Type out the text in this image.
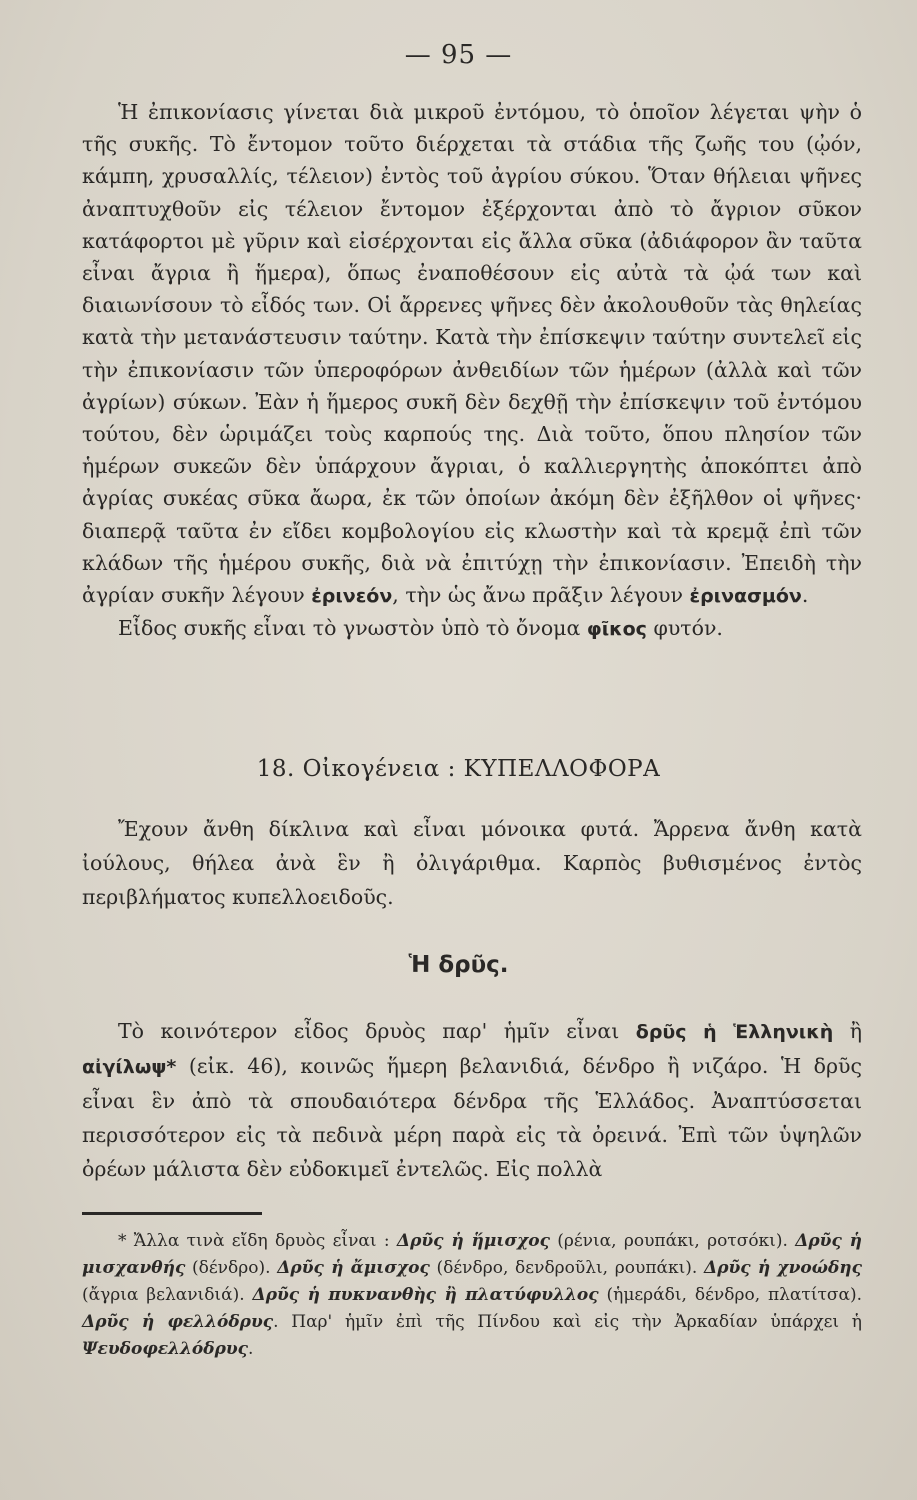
— 95 —

Ἡ ἐπικονίασις γίνεται διὰ μικροῦ ἐντόμου, τὸ ὁποῖον λέγεται ψὴν ὁ τῆς συκῆς. Τὸ ἔντομον τοῦτο διέρχεται τὰ στάδια τῆς ζωῆς του (ᾠόν, κάμπη, χρυσαλλίς, τέλειον) ἐντὸς τοῦ ἀγρίου σύκου. Ὅταν θήλειαι ψῆνες ἀναπτυχθοῦν εἰς τέλειον ἔντομον ἐξέρχονται ἀπὸ τὸ ἄγριον σῦκον κατάφορτοι μὲ γῦριν καὶ εἰσέρχονται εἰς ἄλλα σῦκα (ἀδιάφορον ἂν ταῦτα εἶναι ἄγρια ἢ ἥμερα), ὅπως ἐναποθέσουν εἰς αὐτὰ τὰ ᾠά των καὶ διαιωνίσουν τὸ εἶδός των. Οἱ ἄρρενες ψῆνες δὲν ἀκολουθοῦν τὰς θηλείας κατὰ τὴν μετανάστευσιν ταύτην. Κατὰ τὴν ἐπίσκεψιν ταύτην συντελεῖ εἰς τὴν ἐπικονίασιν τῶν ὑπεροφόρων ἀνθειδίων τῶν ἡμέρων (ἀλλὰ καὶ τῶν ἀγρίων) σύκων. Ἐὰν ἡ ἥμερος συκῆ δὲν δεχθῇ τὴν ἐπίσκεψιν τοῦ ἐντόμου τούτου, δὲν ὡριμάζει τοὺς καρπούς της. Διὰ τοῦτο, ὅπου πλησίον τῶν ἡμέρων συκεῶν δὲν ὑπάρχουν ἄγριαι, ὁ καλλιεργητὴς ἀποκόπτει ἀπὸ ἀγρίας συκέας σῦκα ἄωρα, ἐκ τῶν ὁποίων ἀκόμη δὲν ἐξῆλθον οἱ ψῆνες· διαπερᾷ ταῦτα ἐν εἴδει κομβολογίου εἰς κλωστὴν καὶ τὰ κρεμᾷ ἐπὶ τῶν κλάδων τῆς ἡμέρου συκῆς, διὰ νὰ ἐπιτύχῃ τὴν ἐπικονίασιν. Ἐπειδὴ τὴν ἀγρίαν συκῆν λέγουν ἐρινεόν, τὴν ὡς ἄνω πρᾶξιν λέγουν ἐρινασμόν.

Εἶδος συκῆς εἶναι τὸ γνωστὸν ὑπὸ τὸ ὄνομα φῖκος φυτόν.

18. Οἰκογένεια : ΚΥΠΕΛΛΟΦΟΡΑ
Ἔχουν ἄνθη δίκλινα καὶ εἶναι μόνοικα φυτά. Ἄρρενα ἄνθη κατὰ ἰούλους, θήλεα ἀνὰ ἓν ἢ ὀλιγάριθμα. Καρπὸς βυθισμένος ἐντὸς περιβλήματος κυπελλοειδοῦς.
Ἡ δρῦς.
Τὸ κοινότερον εἶδος δρυὸς παρ' ἡμῖν εἶναι δρῦς ἡ Ἑλληνικὴ ἢ αἰγίλωψ* (εἰκ. 46), κοινῶς ἥμερη βελανιδιά, δένδρο ἢ νιζάρο. Ἡ δρῦς εἶναι ἓν ἀπὸ τὰ σπουδαιότερα δένδρα τῆς Ἑλλάδος. Ἀναπτύσσεται περισσότερον εἰς τὰ πεδινὰ μέρη παρὰ εἰς τὰ ὀρεινά. Ἐπὶ τῶν ὑψηλῶν ὀρέων μάλιστα δὲν εὐδοκιμεῖ ἐντελῶς. Εἰς πολλὰ
* Ἄλλα τινὰ εἴδη δρυὸς εἶναι : Δρῦς ἡ ἥμισχος (ρένια, ρουπάκι, ροτσόκι). Δρῦς ἡ μισχανθής (δένδρο). Δρῦς ἡ ἄμισχος (δένδρο, δενδροῦλι, ρουπάκι). Δρῦς ἡ χνοώδης (ἄγρια βελανιδιά). Δρῦς ἡ πυκνανθὴς ἢ πλατύφυλλος (ἡμεράδι, δένδρο, πλατίτσα). Δρῦς ἡ φελλόδρυς. Παρ' ἡμῖν ἐπὶ τῆς Πίνδου καὶ εἰς τὴν Ἀρκαδίαν ὑπάρχει ἡ Ψευδοφελλόδρυς.
